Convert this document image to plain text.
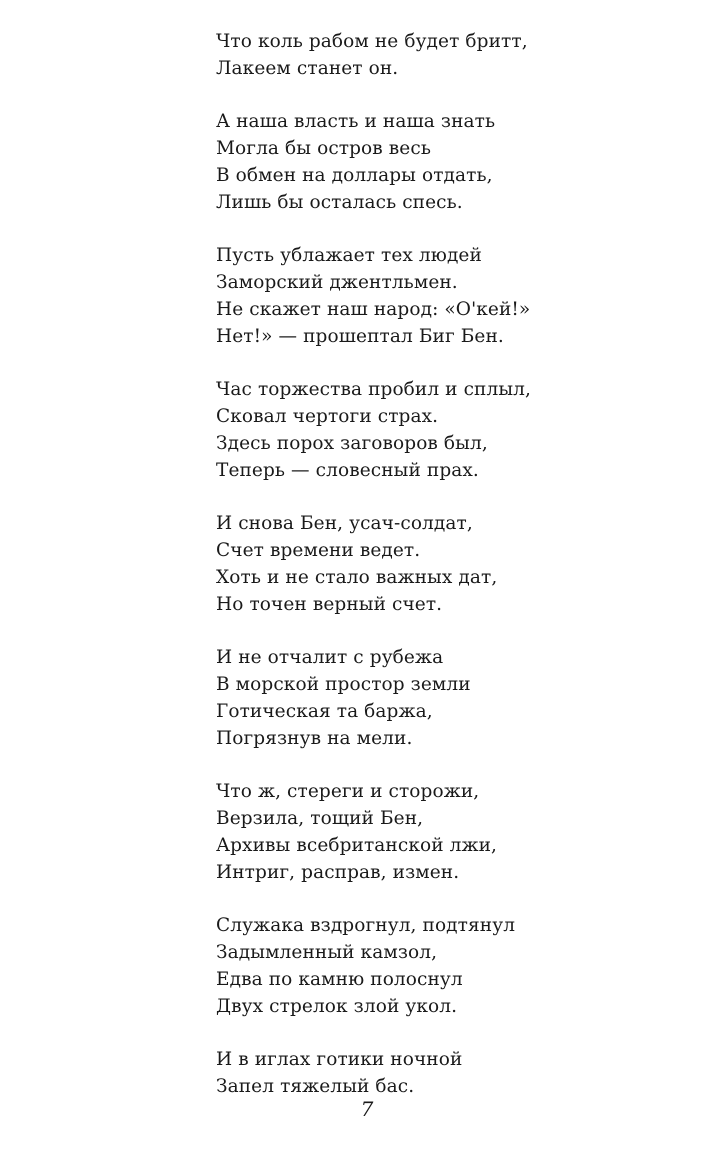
Что коль рабом не будет бритт,
Лакеем станет он.
А наша власть и наша знать
Могла бы остров весь
В обмен на доллары отдать,
Лишь бы осталась спесь.
Пусть ублажает тех людей
Заморский джентльмен.
Не скажет наш народ: «О'кей!»
Нет!» — прошептал Биг Бен.
Час торжества пробил и сплыл,
Сковал чертоги страх.
Здесь порох заговоров был,
Теперь — словесный прах.
И снова Бен, усач-солдат,
Счет времени ведет.
Хоть и не стало важных дат,
Но точен верный счет.
И не отчалит с рубежа
В морской простор земли
Готическая та баржа,
Погрязнув на мели.
Что ж, стереги и сторожи,
Верзила, тощий Бен,
Архивы всебританской лжи,
Интриг, расправ, измен.
Служака вздрогнул, подтянул
Задымленный камзол,
Едва по камню полоснул
Двух стрелок злой укол.
И в иглах готики ночной
Запел тяжелый бас.
7
